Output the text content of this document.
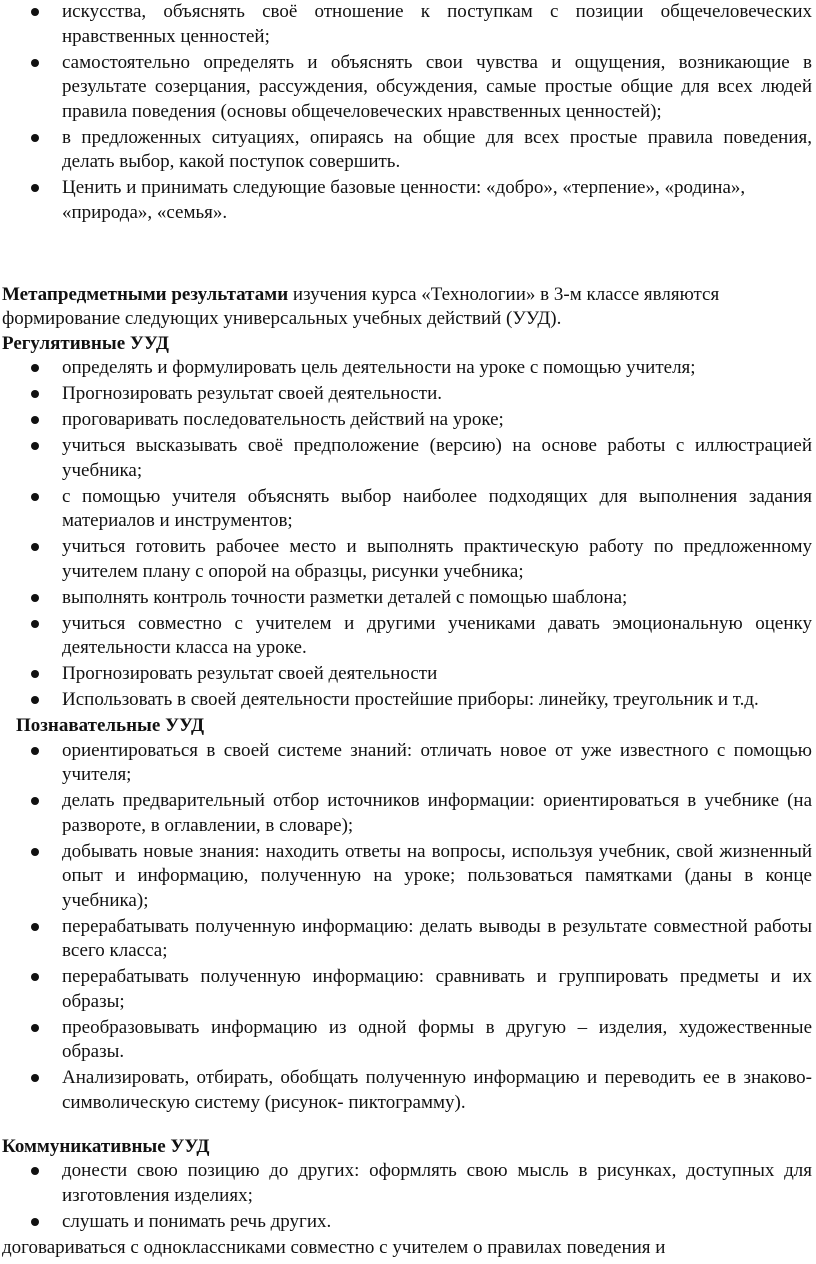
искусства, объяснять своё отношение к поступкам с позиции общечеловеческих нравственных ценностей;
самостоятельно определять и объяснять свои чувства и ощущения, возникающие в результате созерцания, рассуждения, обсуждения, самые простые общие для всех людей правила поведения (основы общечеловеческих нравственных ценностей);
в предложенных ситуациях, опираясь на общие для всех простые правила поведения, делать выбор, какой поступок совершить.
Ценить и принимать следующие базовые ценности: «добро», «терпение», «родина», «природа», «семья».

Метапредметными результатами изучения курса «Технологии» в 3-м классе являются формирование следующих универсальных учебных действий (УУД).

Регулятивные УУД

определять и формулировать цель деятельности на уроке с помощью учителя;
Прогнозировать результат своей деятельности.
проговаривать последовательность действий на уроке;
учиться высказывать своё предположение (версию) на основе работы с иллюстрацией учебника;
с помощью учителя объяснять выбор наиболее подходящих для выполнения задания материалов и инструментов;
учиться готовить рабочее место и выполнять практическую работу по предложенному учителем плану с опорой на образцы, рисунки учебника;
выполнять контроль точности разметки деталей с помощью шаблона;
учиться совместно с учителем и другими учениками давать эмоциональную оценку деятельности класса на уроке.
Прогнозировать результат своей деятельности
Использовать в своей деятельности простейшие приборы: линейку, треугольник и т.д.

Познавательные УУД

ориентироваться в своей системе знаний: отличать новое от уже известного с помощью учителя;
делать предварительный отбор источников информации: ориентироваться в учебнике (на развороте, в оглавлении, в словаре);
добывать новые знания: находить ответы на вопросы, используя учебник, свой жизненный опыт и информацию, полученную на уроке; пользоваться памятками (даны в конце учебника);
перерабатывать полученную информацию: делать выводы в результате совместной работы всего класса;
перерабатывать полученную информацию: сравнивать и группировать предметы и их образы;
преобразовывать информацию из одной формы в другую – изделия, художественные образы.
Анализировать, отбирать, обобщать полученную информацию и переводить ее в знаково-символическую систему (рисунок- пиктограмму).

Коммуникативные УУД

донести свою позицию до других: оформлять свою мысль в рисунках, доступных для изготовления изделиях;
слушать и понимать речь других.

договариваться с одноклассниками совместно с учителем о правилах поведения и
